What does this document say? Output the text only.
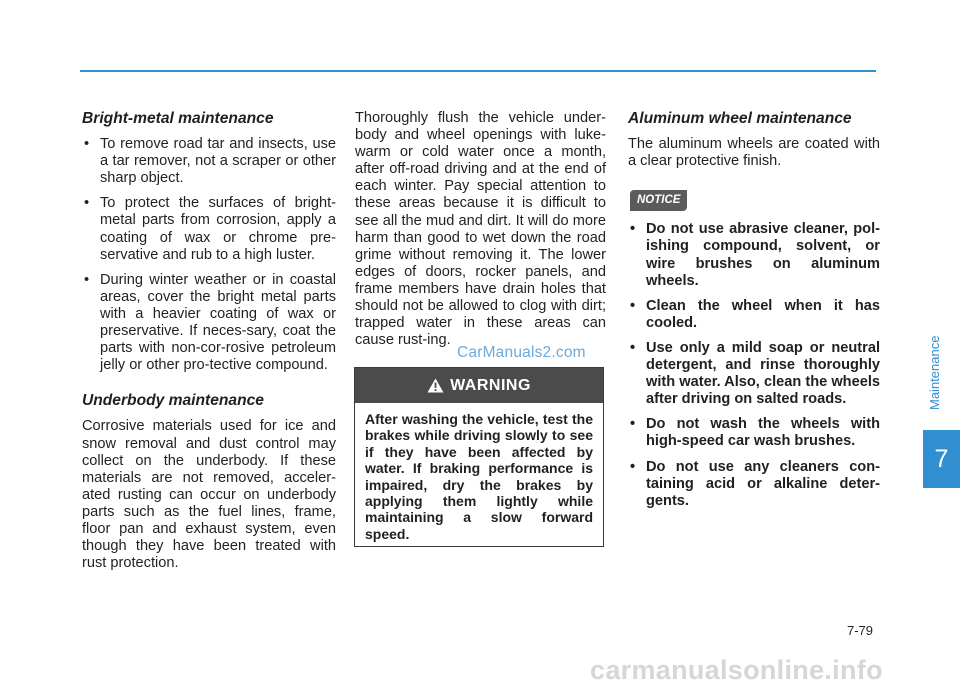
Bright-metal maintenance
• To remove road tar and insects, use a tar remover, not a scraper or other sharp object.
• To protect the surfaces of bright-metal parts from corrosion, apply a coating of wax or chrome pre-servative and rub to a high luster.
• During winter weather or in coastal areas, cover the bright metal parts with a heavier coating of wax or preservative. If neces-sary, coat the parts with non-cor-rosive petroleum jelly or other pro-tective compound.
Underbody maintenance

Corrosive materials used for ice and snow removal and dust control may collect on the underbody. If these materials are not removed, acceler-ated rusting can occur on underbody parts such as the fuel lines, frame, floor pan and exhaust system, even though they have been treated with rust protection.

Thoroughly flush the vehicle under-body and wheel openings with luke-warm or cold water once a month, after off-road driving and at the end of each winter. Pay special attention to these areas because it is difficult to see all the mud and dirt. It will do more harm than good to wet down the road grime without removing it. The lower edges of doors, rocker panels, and frame members have drain holes that should not be allowed to clog with dirt; trapped water in these areas can cause rust-ing.

CarManuals2.com
WARNING
After washing the vehicle, test the brakes while driving slowly to see if they have been affected by water. If braking performance is impaired, dry the brakes by applying them lightly while maintaining a slow forward speed.
Aluminum wheel maintenance

The aluminum wheels are coated with a clear protective finish.

NOTICE
• Do not use abrasive cleaner, pol-ishing compound, solvent, or wire brushes on aluminum wheels.
• Clean the wheel when it has cooled.
• Use only a mild soap or neutral detergent, and rinse thoroughly with water. Also, clean the wheels after driving on salted roads.
• Do not wash the wheels with high-speed car wash brushes.
• Do not use any cleaners con-taining acid or alkaline deter-gents.
Maintenance
7
7-79
carmanualsonline.info
